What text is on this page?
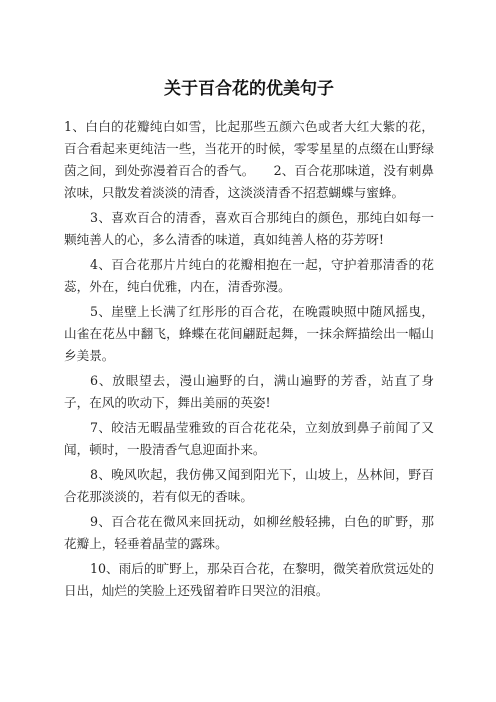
关于百合花的优美句子

1、白白的花瓣纯白如雪，比起那些五颜六色或者大红大紫的花，百合看起来更纯洁一些，当花开的时候，零零星星的点缀在山野绿茵之间，到处弥漫着百合的香气。　　2、百合花那味道，没有刺鼻浓味，只散发着淡淡的清香，这淡淡清香不招惹蝴蝶与蜜蜂。

3、喜欢百合的清香，喜欢百合那纯白的颜色，那纯白如每一颗纯善人的心，多么清香的味道，真如纯善人格的芬芳呀!

4、百合花那片片纯白的花瓣相抱在一起，守护着那清香的花蕊，外在，纯白优雅，内在，清香弥漫。

5、崖壁上长满了红彤彤的百合花，在晚霞映照中随风摇曳，山雀在花丛中翻飞，蜂蝶在花间翩跹起舞，一抹余辉描绘出一幅山乡美景。

6、放眼望去，漫山遍野的白，满山遍野的芳香，站直了身子，在风的吹动下，舞出美丽的英姿!

7、皎洁无暇晶莹雅致的百合花花朵，立刻放到鼻子前闻了又闻，顿时，一股清香气息迎面扑来。

8、晚风吹起，我仿佛又闻到阳光下，山坡上，丛林间，野百合花那淡淡的，若有似无的香味。

9、百合花在微风来回抚动，如柳丝般轻拂，白色的旷野，那花瓣上，轻垂着晶莹的露珠。

10、雨后的旷野上，那朵百合花，在黎明，微笑着欣赏远处的日出，灿烂的笑脸上还残留着昨日哭泣的泪痕。
